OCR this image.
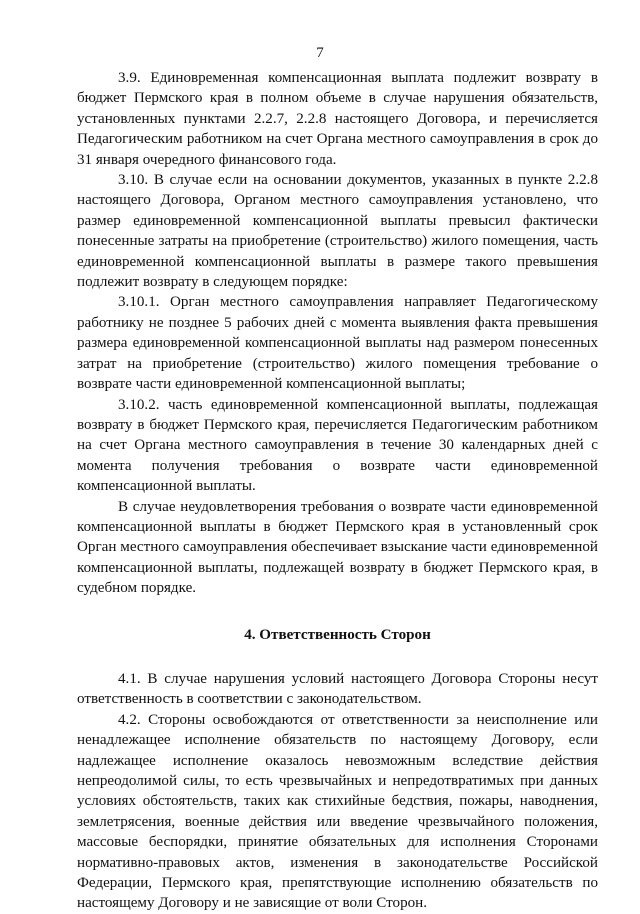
7

3.9. Единовременная компенсационная выплата подлежит возврату в бюджет Пермского края в полном объеме в случае нарушения обязательств, установленных пунктами 2.2.7, 2.2.8 настоящего Договора, и перечисляется Педагогическим работником на счет Органа местного самоуправления в срок до 31 января очередного финансового года.

3.10. В случае если на основании документов, указанных в пункте 2.2.8 настоящего Договора, Органом местного самоуправления установлено, что размер единовременной компенсационной выплаты превысил фактически понесенные затраты на приобретение (строительство) жилого помещения, часть единовременной компенсационной выплаты в размере такого превышения подлежит возврату в следующем порядке:

3.10.1. Орган местного самоуправления направляет Педагогическому работнику не позднее 5 рабочих дней с момента выявления факта превышения размера единовременной компенсационной выплаты над размером понесенных затрат на приобретение (строительство) жилого помещения требование о возврате части единовременной компенсационной выплаты;

3.10.2. часть единовременной компенсационной выплаты, подлежащая возврату в бюджет Пермского края, перечисляется Педагогическим работником на счет Органа местного самоуправления в течение 30 календарных дней с момента получения требования о возврате части единовременной компенсационной выплаты.

В случае неудовлетворения требования о возврате части единовременной компенсационной выплаты в бюджет Пермского края в установленный срок Орган местного самоуправления обеспечивает взыскание части единовременной компенсационной выплаты, подлежащей возврату в бюджет Пермского края, в судебном порядке.

4. Ответственность Сторон

4.1. В случае нарушения условий настоящего Договора Стороны несут ответственность в соответствии с законодательством.

4.2. Стороны освобождаются от ответственности за неисполнение или ненадлежащее исполнение обязательств по настоящему Договору, если надлежащее исполнение оказалось невозможным вследствие действия непреодолимой силы, то есть чрезвычайных и непредотвратимых при данных условиях обстоятельств, таких как стихийные бедствия, пожары, наводнения, землетрясения, военные действия или введение чрезвычайного положения, массовые беспорядки, принятие обязательных для исполнения Сторонами нормативно-правовых актов, изменения в законодательстве Российской Федерации, Пермского края, препятствующие исполнению обязательств по настоящему Договору и не зависящие от воли Сторон.
